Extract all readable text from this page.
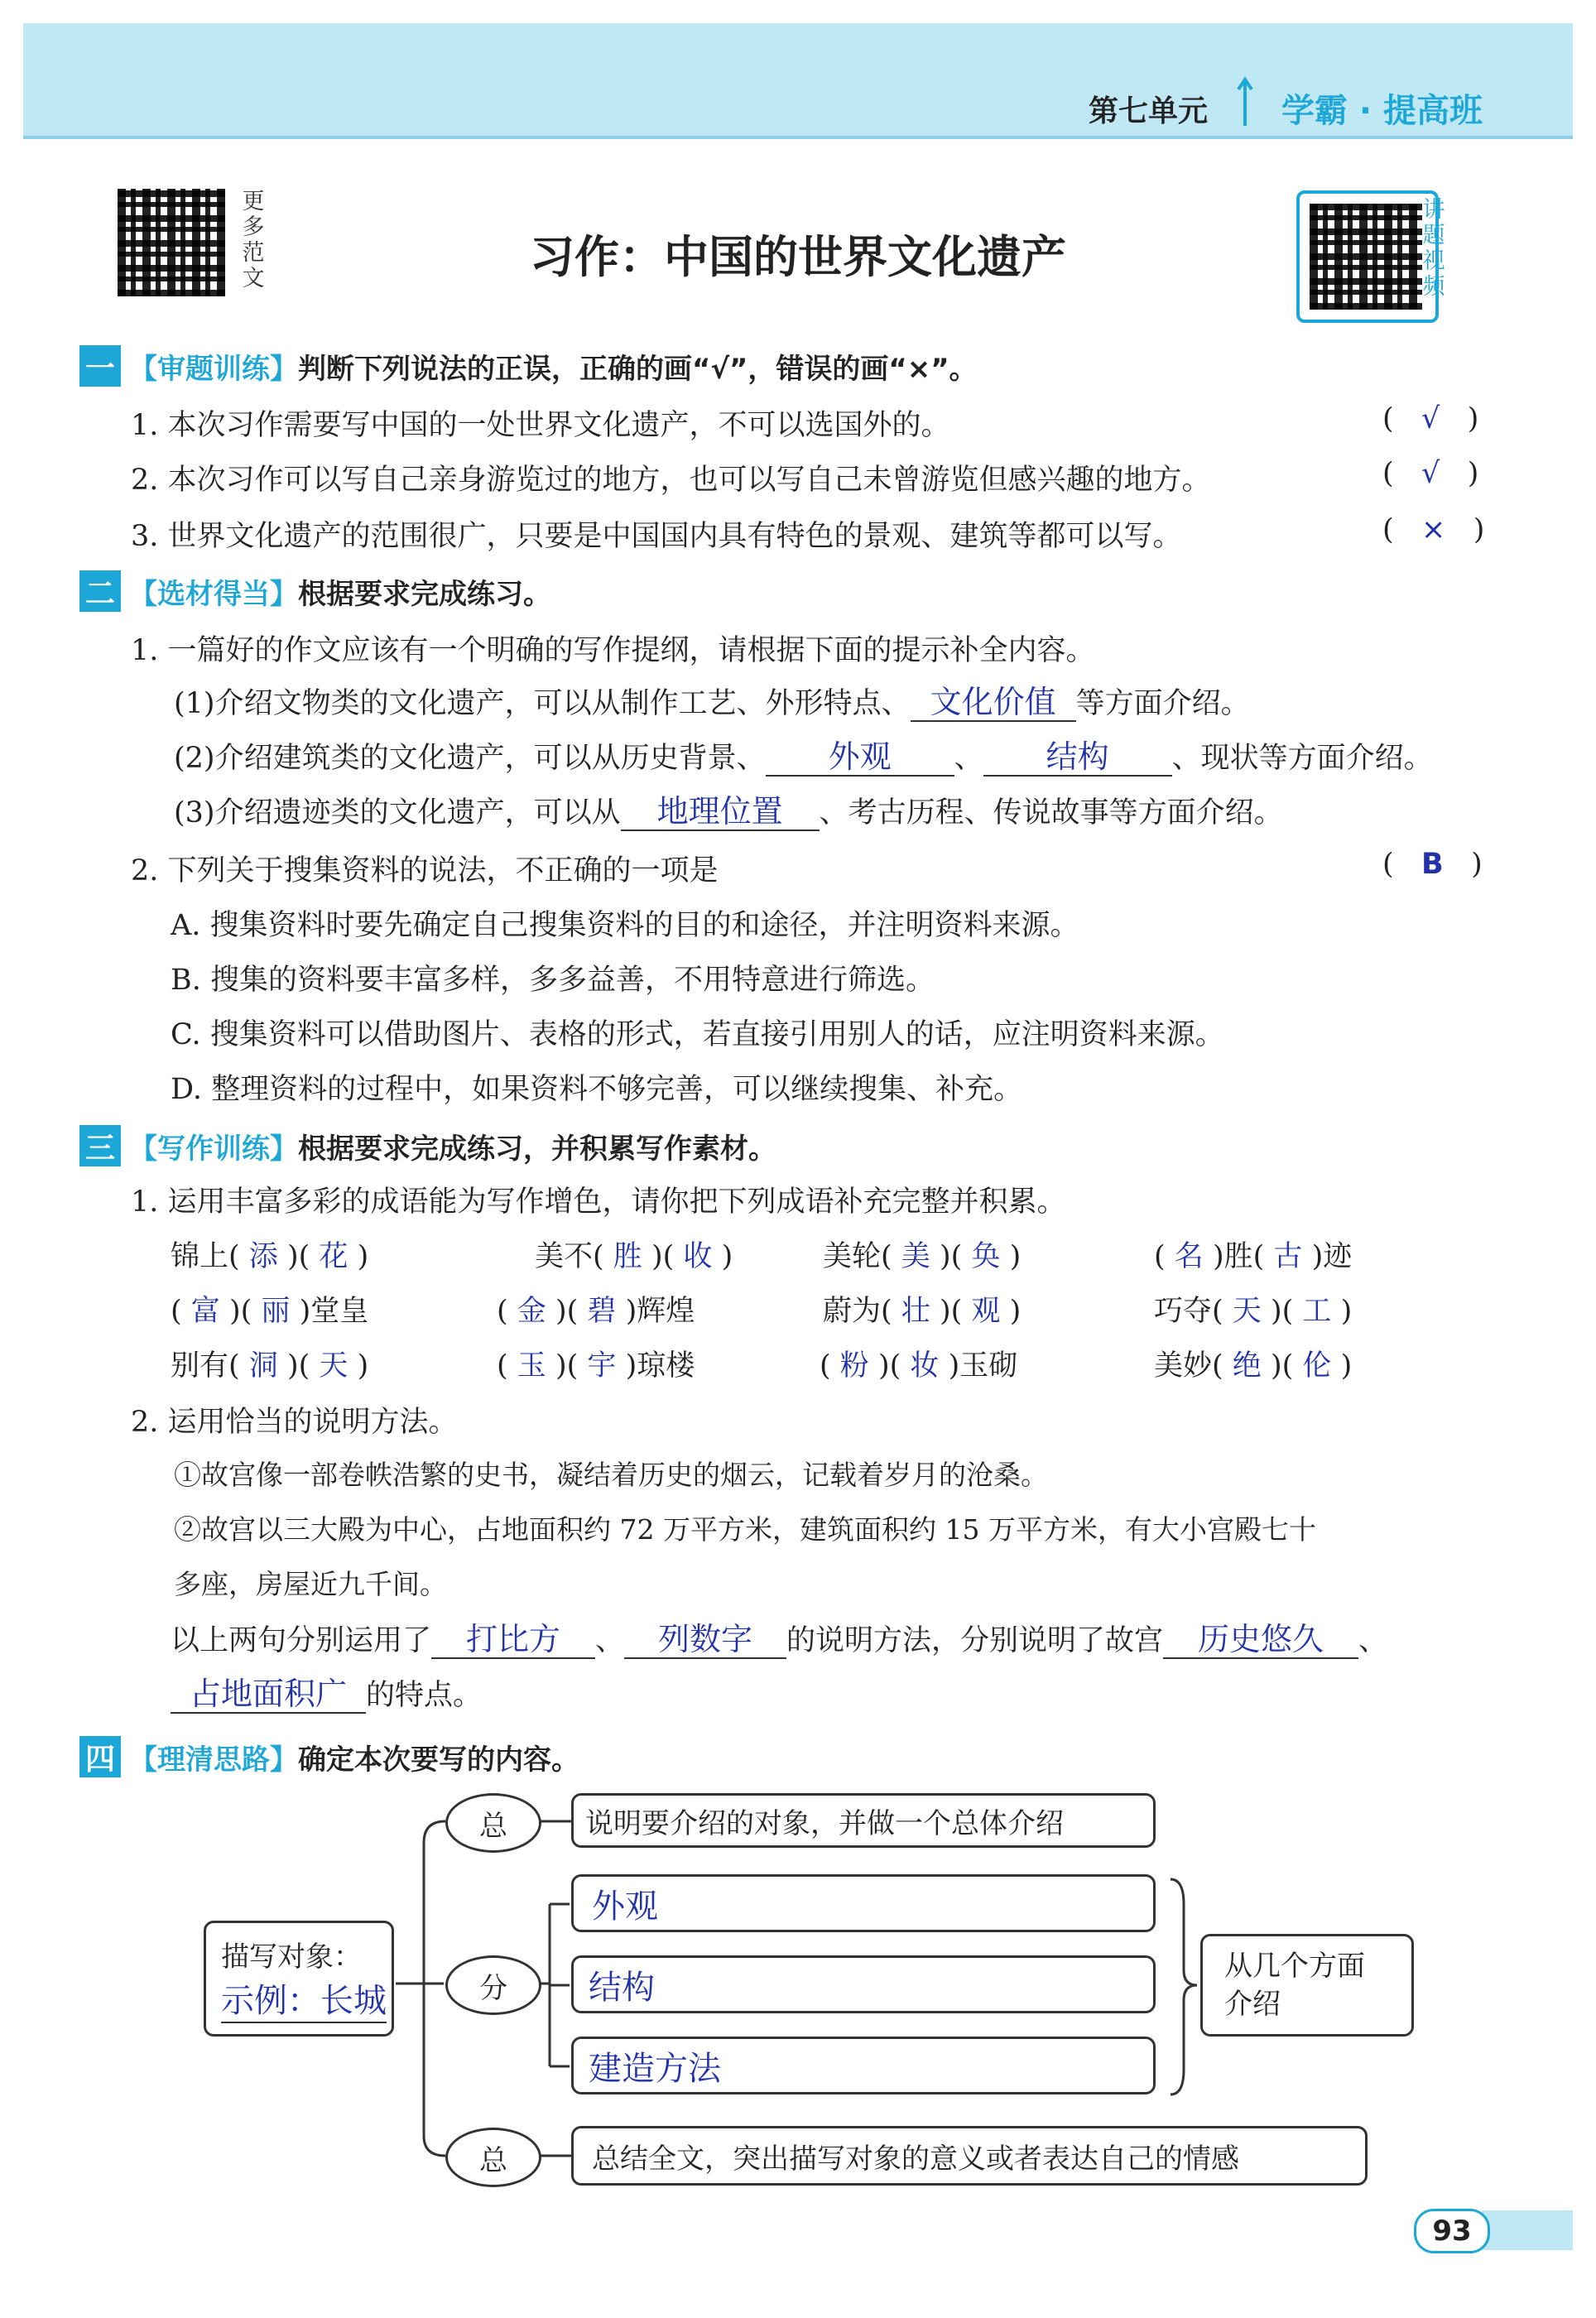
第七单元 学霸 · 提高班
更多范文
讲题视频
习作：中国的世界文化遗产
一 【审题训练】 判断下列说法的正误，正确的画“√”，错误的画“×”。
1. 本次习作需要写中国的一处世界文化遗产，不可以选国外的。	(   √   )
2. 本次习作可以写自己亲身游览过的地方，也可以写自己未曾游览但感兴趣的地方。	(   √   )
3. 世界文化遗产的范围很广，只要是中国国内具有特色的景观、建筑等都可以写。	(   ×   )
二 【选材得当】 根据要求完成练习。
1. 一篇好的作文应该有一个明确的写作提纲，请根据下面的提示补全内容。
(1)介绍文物类的文化遗产，可以从制作工艺、外形特点、 文化价值 等方面介绍。
(2)介绍建筑类的文化遗产，可以从历史背景、 外观 、 结构 、现状等方面介绍。
(3)介绍遗迹类的文化遗产，可以从 地理位置 、考古历程、传说故事等方面介绍。
2. 下列关于搜集资料的说法，不正确的一项是	(   B   )
A. 搜集资料时要先确定自己搜集资料的目的和途径，并注明资料来源。
B. 搜集的资料要丰富多样，多多益善，不用特意进行筛选。
C. 搜集资料可以借助图片、表格的形式，若直接引用别人的话，应注明资料来源。
D. 整理资料的过程中，如果资料不够完善，可以继续搜集、补充。
三 【写作训练】 根据要求完成练习，并积累写作素材。
1. 运用丰富多彩的成语能为写作增色，请你把下列成语补充完整并积累。
锦上( 添 )( 花 )	美不( 胜 )( 收 )	美轮( 美 )( 奂 )	( 名 )胜( 古 )迹
( 富 )( 丽 )堂皇	( 金 )( 碧 )辉煌	蔚为( 壮 )( 观 )	巧夺( 天 )( 工 )
别有( 洞 )( 天 )	( 玉 )( 宇 )琼楼	( 粉 )( 妆 )玉砌	美妙( 绝 )( 伦 )
2. 运用恰当的说明方法。
①故宫像一部卷帙浩繁的史书，凝结着历史的烟云，记载着岁月的沧桑。
②故宫以三大殿为中心，占地面积约 72 万平方米，建筑面积约 15 万平方米，有大小宫殿七十
多座，房屋近九千间。
以上两句分别运用了 打比方 、 列数字 的说明方法，分别说明了故宫 历史悠久 、
占地面积广 的特点。
四 【理清思路】 确定本次要写的内容。
描写对象：
示例：长城
总
分
总
说明要介绍的对象，并做一个总体介绍
外观
结构
建造方法
从几个方面介绍
总结全文，突出描写对象的意义或者表达自己的情感
93
